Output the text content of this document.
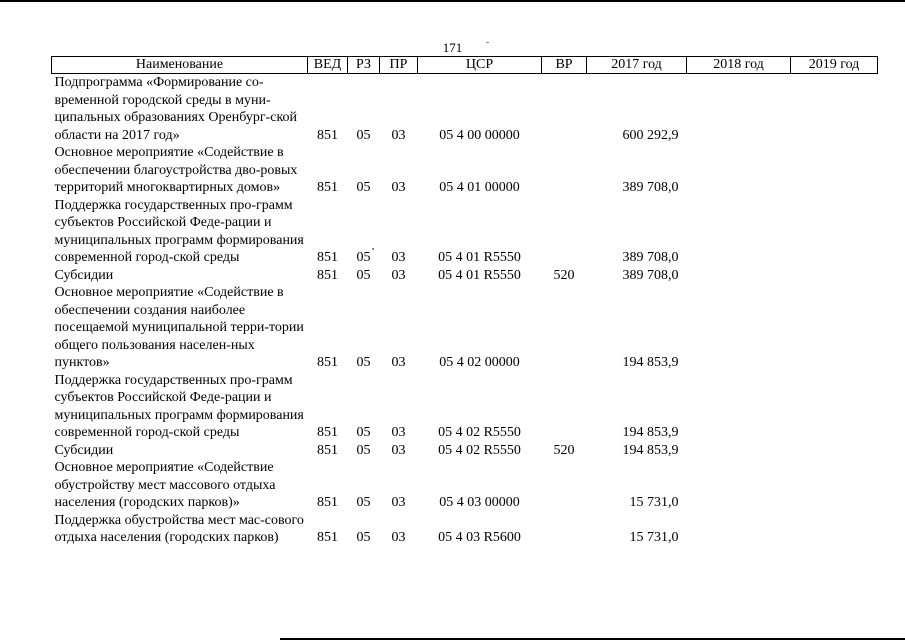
171
Наименование	ВЕД	РЗ	ПР	ЦСР	ВР	2017 год	2018 год	2019 год
Подпрограмма «Формирование со-временной городской среды в муни-ципальных образованиях Оренбург-ской области на 2017 год»	851	05	03	05 4 00 00000		600 292,9		
Основное мероприятие «Содействие в обеспечении благоустройства дво-ровых территорий многоквартирных домов»	851	05	03	05 4 01 00000		389 708,0		
Поддержка государственных про-грамм субъектов Российской Феде-рации и муниципальных программ формирования современной город-ской среды	851	05	03	05 4 01 R5550		389 708,0		
Субсидии	851	05	03	05 4 01 R5550	520	389 708,0		
Основное мероприятие «Содействие в обеспечении создания наиболее посещаемой муниципальной терри-тории общего пользования населен-ных пунктов»	851	05	03	05 4 02 00000		194 853,9		
Поддержка государственных про-грамм субъектов Российской Феде-рации и муниципальных программ формирования современной город-ской среды	851	05	03	05 4 02 R5550		194 853,9		
Субсидии	851	05	03	05 4 02 R5550	520	194 853,9		
Основное мероприятие «Содействие обустройству мест массового отдыха населения (городских парков)»	851	05	03	05 4 03 00000		15 731,0		
Поддержка обустройства мест мас-сового отдыха населения (городских парков)	851	05	03	05 4 03 R5600		15 731,0		
